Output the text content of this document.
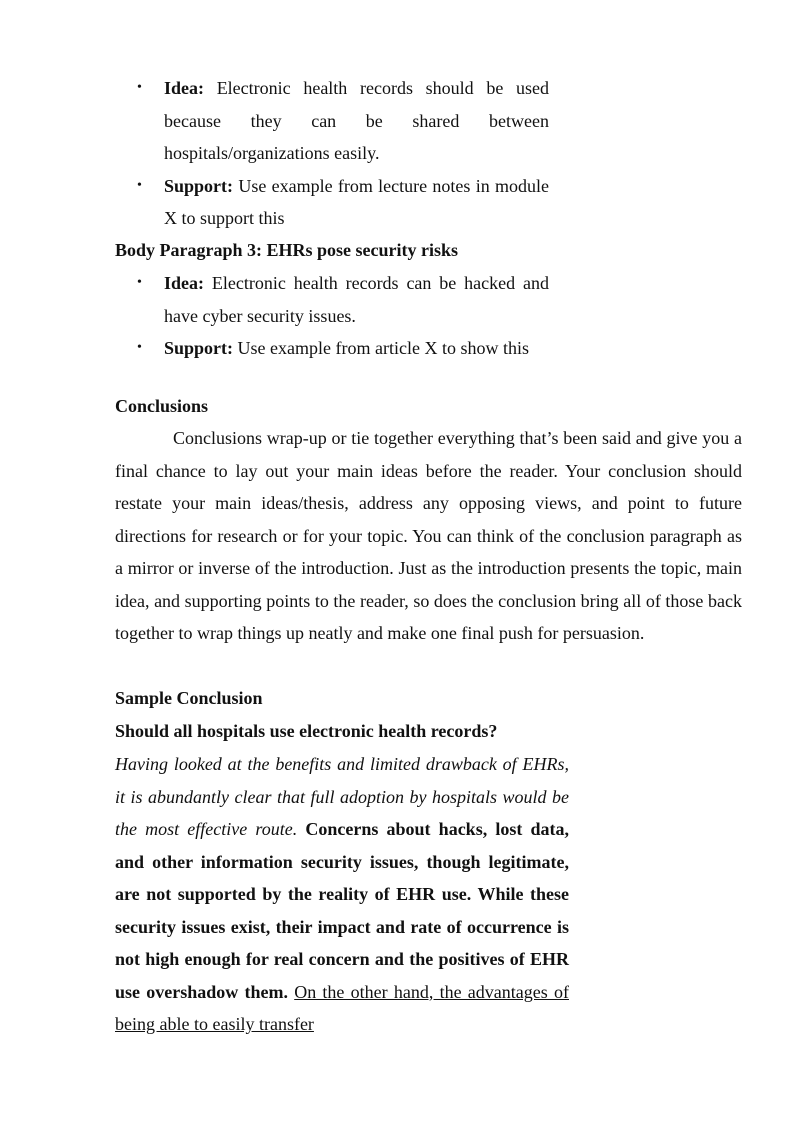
• Idea: Electronic health records should be used because they can be shared between hospitals/organizations easily.
• Support: Use example from lecture notes in module X to support this
Body Paragraph 3: EHRs pose security risks
• Idea: Electronic health records can be hacked and have cyber security issues.
• Support: Use example from article X to show this
Conclusions

Conclusions wrap-up or tie together everything that’s been said and give you a final chance to lay out your main ideas before the reader. Your conclusion should restate your main ideas/thesis, address any opposing views, and point to future directions for research or for your topic. You can think of the conclusion paragraph as a mirror or inverse of the introduction. Just as the introduction presents the topic, main idea, and supporting points to the reader, so does the conclusion bring all of those back together to wrap things up neatly and make one final push for persuasion.

Sample Conclusion
Should all hospitals use electronic health records?

Having looked at the benefits and limited drawback of EHRs, it is abundantly clear that full adoption by hospitals would be the most effective route. Concerns about hacks, lost data, and other information security issues, though legitimate, are not supported by the reality of EHR use. While these security issues exist, their impact and rate of occurrence is not high enough for real concern and the positives of EHR use overshadow them. On the other hand, the advantages of being able to easily transfer
